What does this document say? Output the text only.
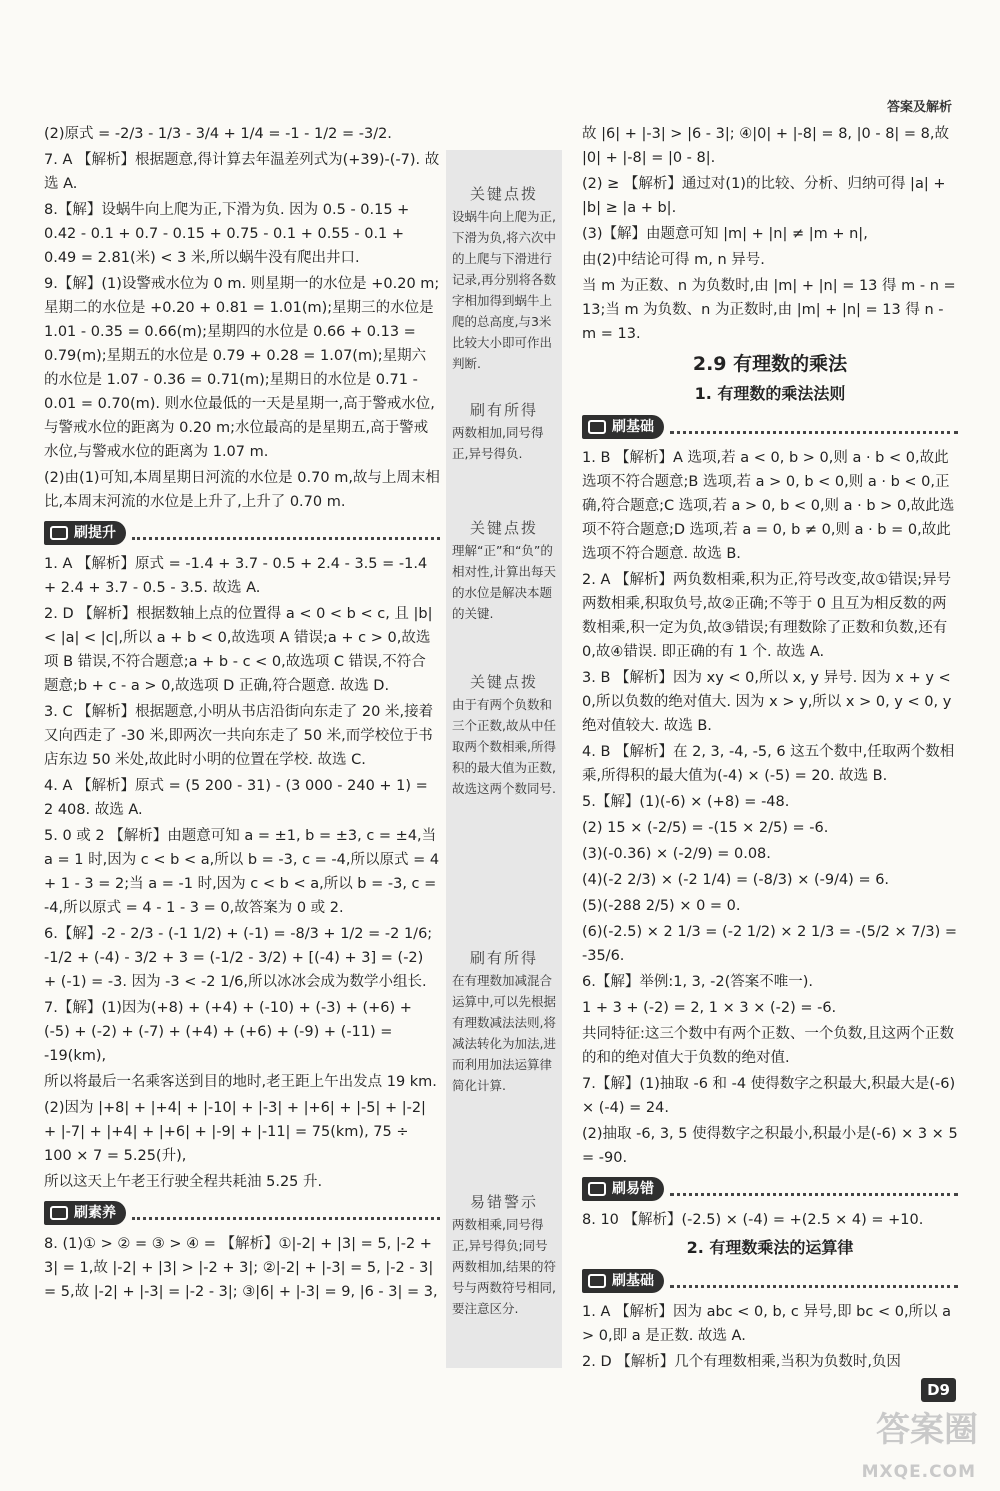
答案及解析

(2)原式 = -2/3 - 1/3 - 3/4 + 1/4 = -1 - 1/2 = -3/2.

7. A 【解析】根据题意,得计算去年温差列式为(+39)-(-7). 故选 A.

8.【解】设蜗牛向上爬为正,下滑为负. 因为 0.5 - 0.15 + 0.42 - 0.1 + 0.7 - 0.15 + 0.75 - 0.1 + 0.55 - 0.1 + 0.49 = 2.81(米) < 3 米,所以蜗牛没有爬出井口.

9.【解】(1)设警戒水位为 0 m. 则星期一的水位是 +0.20 m;星期二的水位是 +0.20 + 0.81 = 1.01(m);星期三的水位是 1.01 - 0.35 = 0.66(m);星期四的水位是 0.66 + 0.13 = 0.79(m);星期五的水位是 0.79 + 0.28 = 1.07(m);星期六的水位是 1.07 - 0.36 = 0.71(m);星期日的水位是 0.71 - 0.01 = 0.70(m). 则水位最低的一天是星期一,高于警戒水位,与警戒水位的距离为 0.20 m;水位最高的是星期五,高于警戒水位,与警戒水位的距离为 1.07 m.

(2)由(1)可知,本周星期日河流的水位是 0.70 m,故与上周末相比,本周末河流的水位是上升了,上升了 0.70 m.

刷提升

1. A 【解析】原式 = -1.4 + 3.7 - 0.5 + 2.4 - 3.5 = -1.4 + 2.4 + 3.7 - 0.5 - 3.5. 故选 A.

2. D 【解析】根据数轴上点的位置得 a < 0 < b < c, 且 |b| < |a| < |c|,所以 a + b < 0,故选项 A 错误;a + c > 0,故选项 B 错误,不符合题意;a + b - c < 0,故选项 C 错误,不符合题意;b + c - a > 0,故选项 D 正确,符合题意. 故选 D.

3. C 【解析】根据题意,小明从书店沿街向东走了 20 米,接着又向西走了 -30 米,即两次一共向东走了 50 米,而学校位于书店东边 50 米处,故此时小明的位置在学校. 故选 C.

4. A 【解析】原式 = (5 200 - 31) - (3 000 - 240 + 1) = 2 408. 故选 A.

5. 0 或 2 【解析】由题意可知 a = ±1, b = ±3, c = ±4,当 a = 1 时,因为 c < b < a,所以 b = -3, c = -4,所以原式 = 4 + 1 - 3 = 2;当 a = -1 时,因为 c < b < a,所以 b = -3, c = -4,所以原式 = 4 - 1 - 3 = 0,故答案为 0 或 2.

6.【解】-2 - 2/3 - (-1 1/2) + (-1) = -8/3 + 1/2 = -2 1/6; -1/2 + (-4) - 3/2 + 3 = (-1/2 - 3/2) + [(-4) + 3] = (-2) + (-1) = -3. 因为 -3 < -2 1/6,所以冰冰会成为数学小组长.

7.【解】(1)因为(+8) + (+4) + (-10) + (-3) + (+6) + (-5) + (-2) + (-7) + (+4) + (+6) + (-9) + (-11) = -19(km),

所以将最后一名乘客送到目的地时,老王距上午出发点 19 km.

(2)因为 |+8| + |+4| + |-10| + |-3| + |+6| + |-5| + |-2| + |-7| + |+4| + |+6| + |-9| + |-11| = 75(km), 75 ÷ 100 × 7 = 5.25(升),

所以这天上午老王行驶全程共耗油 5.25 升.

刷素养

8. (1)① > ② = ③ > ④ = 【解析】①|-2| + |3| = 5, |-2 + 3| = 1,故 |-2| + |3| > |-2 + 3|; ②|-2| + |-3| = 5, |-2 - 3| = 5,故 |-2| + |-3| = |-2 - 3|; ③|6| + |-3| = 9, |6 - 3| = 3,

关键点拨
设蜗牛向上爬为正,下滑为负,将六次中的上爬与下滑进行记录,再分别将各数字相加得到蜗牛上爬的总高度,与3米比较大小即可作出判断.
刷有所得
两数相加,同号得正,异号得负.
关键点拨
理解“正”和“负”的相对性,计算出每天的水位是解决本题的关键.
关键点拨
由于有两个负数和三个正数,故从中任取两个数相乘,所得积的最大值为正数,故选这两个数同号.
刷有所得
在有理数加减混合运算中,可以先根据有理数减法法则,将减法转化为加法,进而利用加法运算律简化计算.
易错警示
两数相乘,同号得正,异号得负;同号两数相加,结果的符号与两数符号相同,要注意区分.

故 |6| + |-3| > |6 - 3|; ④|0| + |-8| = 8, |0 - 8| = 8,故 |0| + |-8| = |0 - 8|.

(2) ≥ 【解析】通过对(1)的比较、分析、归纳可得 |a| + |b| ≥ |a + b|.

(3)【解】由题意可知 |m| + |n| ≠ |m + n|,

由(2)中结论可得 m, n 异号.

当 m 为正数、n 为负数时,由 |m| + |n| = 13 得 m - n = 13;当 m 为负数、n 为正数时,由 |m| + |n| = 13 得 n - m = 13.

2.9 有理数的乘法
1. 有理数的乘法法则
刷基础

1. B 【解析】A 选项,若 a < 0, b > 0,则 a · b < 0,故此选项不符合题意;B 选项,若 a > 0, b < 0,则 a · b < 0,正确,符合题意;C 选项,若 a > 0, b < 0,则 a · b > 0,故此选项不符合题意;D 选项,若 a = 0, b ≠ 0,则 a · b = 0,故此选项不符合题意. 故选 B.

2. A 【解析】两负数相乘,积为正,符号改变,故①错误;异号两数相乘,积取负号,故②正确;不等于 0 且互为相反数的两数相乘,积一定为负,故③错误;有理数除了正数和负数,还有 0,故④错误. 即正确的有 1 个. 故选 A.

3. B 【解析】因为 xy < 0,所以 x, y 异号. 因为 x + y < 0,所以负数的绝对值大. 因为 x > y,所以 x > 0, y < 0, y 绝对值较大. 故选 B.

4. B 【解析】在 2, 3, -4, -5, 6 这五个数中,任取两个数相乘,所得积的最大值为(-4) × (-5) = 20. 故选 B.

5.【解】(1)(-6) × (+8) = -48.

(2) 15 × (-2/5) = -(15 × 2/5) = -6.

(3)(-0.36) × (-2/9) = 0.08.

(4)(-2 2/3) × (-2 1/4) = (-8/3) × (-9/4) = 6.

(5)(-288 2/5) × 0 = 0.

(6)(-2.5) × 2 1/3 = (-2 1/2) × 2 1/3 = -(5/2 × 7/3) = -35/6.

6.【解】举例:1, 3, -2(答案不唯一).

1 + 3 + (-2) = 2, 1 × 3 × (-2) = -6.

共同特征:这三个数中有两个正数、一个负数,且这两个正数的和的绝对值大于负数的绝对值.

7.【解】(1)抽取 -6 和 -4 使得数字之积最大,积最大是(-6) × (-4) = 24.

(2)抽取 -6, 3, 5 使得数字之积最小,积最小是(-6) × 3 × 5 = -90.

刷易错

8. 10 【解析】(-2.5) × (-4) = +(2.5 × 4) = +10.

2. 有理数乘法的运算律
刷基础

1. A 【解析】因为 abc < 0, b, c 异号,即 bc < 0,所以 a > 0,即 a 是正数. 故选 A.

2. D 【解析】几个有理数相乘,当积为负数时,负因

D9
答案圈
MXQE.COM
